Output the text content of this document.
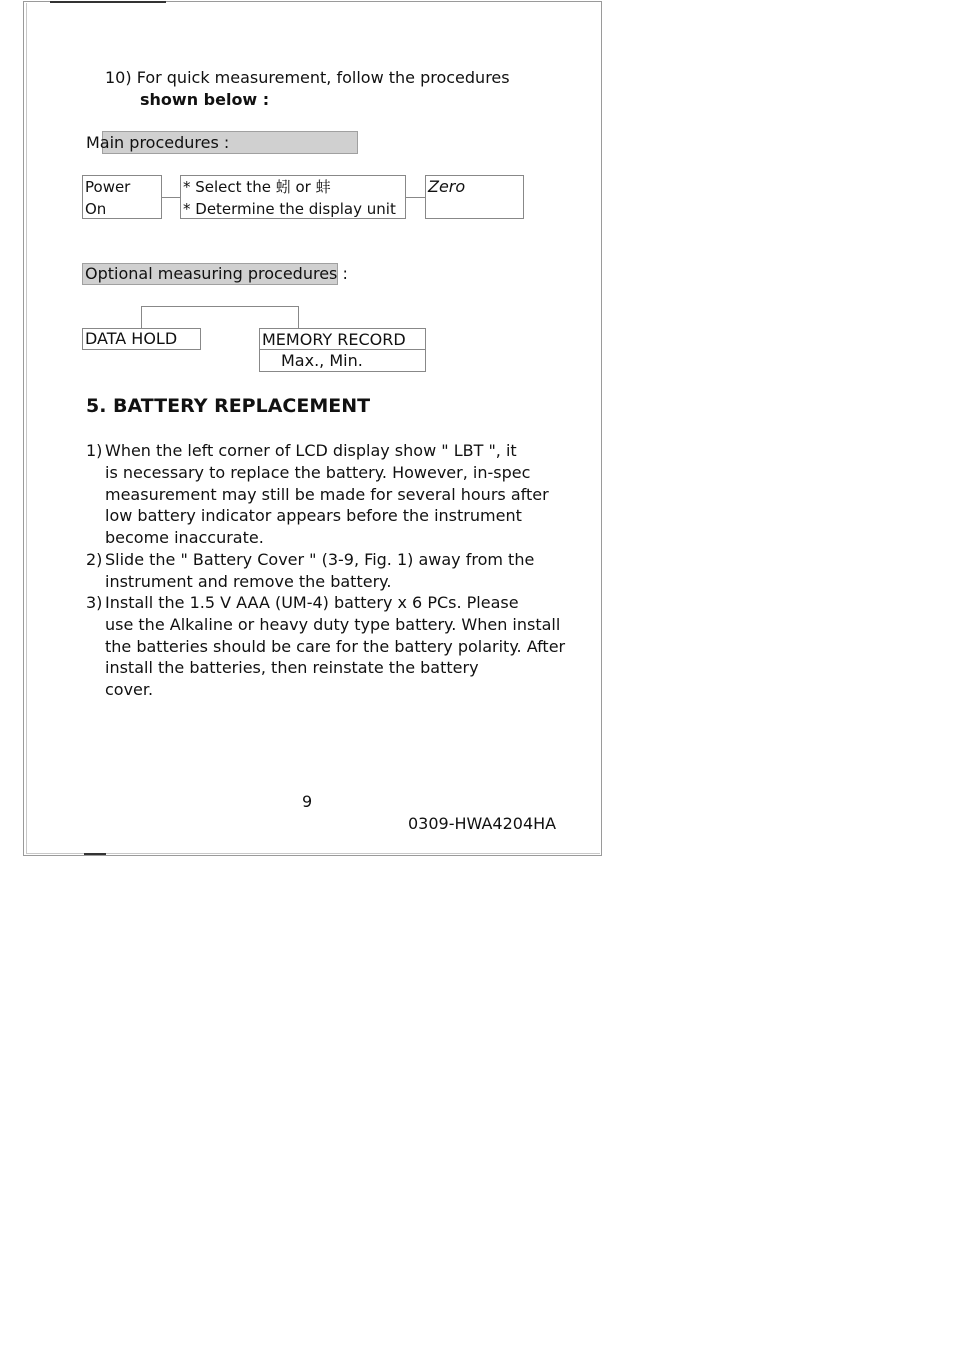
10) For quick measurement, follow the procedures
shown below :
Main procedures :
Power
On
* Select the 蚓 or 蚌
* Determine the display unit
Zero
Optional measuring procedures :
DATA HOLD	MEMORY RECORD
Max., Min.
5. BATTERY REPLACEMENT
1) When the left corner of LCD display show " LBT ", it
is necessary to replace the battery. However, in-spec
measurement may still be made for several hours after
low battery indicator appears before the instrument
become inaccurate.
2) Slide the " Battery Cover " (3-9, Fig. 1) away from the
instrument and remove the battery.
3) Install the 1.5 V AAA (UM-4) battery x 6 PCs. Please
use the Alkaline or heavy duty type battery. When install
the batteries should be care for the battery polarity. After
install the batteries, then reinstate the battery
cover.
9
0309-HWA4204HA
